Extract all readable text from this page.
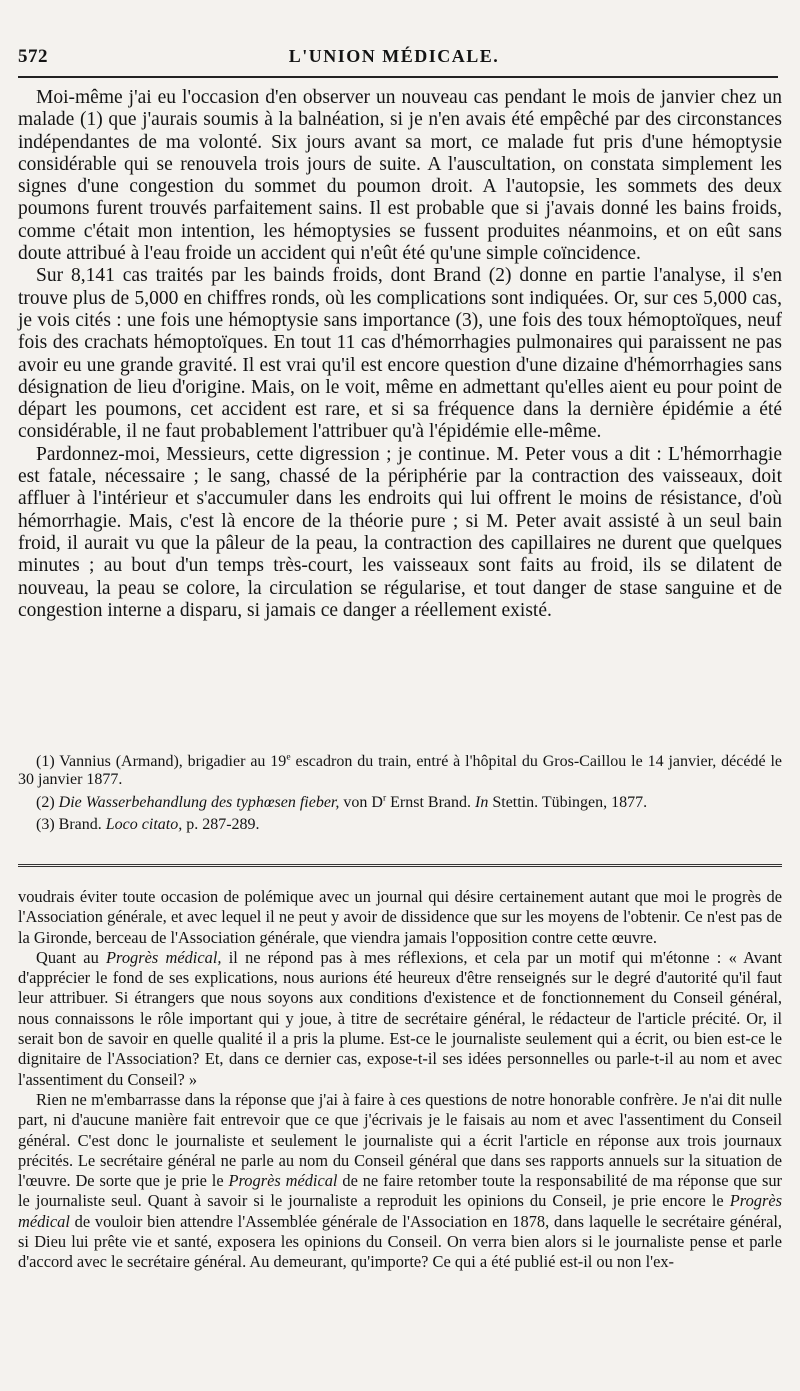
572	L'UNION MÉDICALE.

Moi-même j'ai eu l'occasion d'en observer un nouveau cas pendant le mois de janvier chez un malade (1) que j'aurais soumis à la balnéation, si je n'en avais été empêché par des circonstances indépendantes de ma volonté. Six jours avant sa mort, ce malade fut pris d'une hémoptysie considérable qui se renouvela trois jours de suite. A l'auscultation, on constata simplement les signes d'une congestion du sommet du poumon droit. A l'autopsie, les sommets des deux poumons furent trouvés parfaitement sains. Il est probable que si j'avais donné les bains froids, comme c'était mon intention, les hémoptysies se fussent produites néanmoins, et on eût sans doute attribué à l'eau froide un accident qui n'eût été qu'une simple coïncidence.

Sur 8,141 cas traités par les bainds froids, dont Brand (2) donne en partie l'analyse, il s'en trouve plus de 5,000 en chiffres ronds, où les complications sont indiquées. Or, sur ces 5,000 cas, je vois cités : une fois une hémoptysie sans importance (3), une fois des toux hémoptoïques, neuf fois des crachats hémoptoïques. En tout 11 cas d'hémorrhagies pulmonaires qui paraissent ne pas avoir eu une grande gravité. Il est vrai qu'il est encore question d'une dizaine d'hémorrhagies sans désignation de lieu d'origine. Mais, on le voit, même en admettant qu'elles aient eu pour point de départ les poumons, cet accident est rare, et si sa fréquence dans la dernière épidémie a été considérable, il ne faut probablement l'attribuer qu'à l'épidémie elle-même.

Pardonnez-moi, Messieurs, cette digression ; je continue. M. Peter vous a dit : L'hémorrhagie est fatale, nécessaire ; le sang, chassé de la périphérie par la contraction des vaisseaux, doit affluer à l'intérieur et s'accumuler dans les endroits qui lui offrent le moins de résistance, d'où hémorrhagie. Mais, c'est là encore de la théorie pure ; si M. Peter avait assisté à un seul bain froid, il aurait vu que la pâleur de la peau, la contraction des capillaires ne durent que quelques minutes ; au bout d'un temps très-court, les vaisseaux sont faits au froid, ils se dilatent de nouveau, la peau se colore, la circulation se régularise, et tout danger de stase sanguine et de congestion interne a disparu, si jamais ce danger a réellement existé.

(1) Vannius (Armand), brigadier au 19e escadron du train, entré à l'hôpital du Gros-Caillou le 14 janvier, décédé le 30 janvier 1877.

(2) Die Wasserbehandlung des typhœsen fieber, von $D^r$ Ernst Brand. In Stettin. Tübingen, 1877.

(3) Brand. Loco citato, p. 287-289.

voudrais éviter toute occasion de polémique avec un journal qui désire certainement autant que moi le progrès de l'Association générale, et avec lequel il ne peut y avoir de dissidence que sur les moyens de l'obtenir. Ce n'est pas de la Gironde, berceau de l'Association générale, que viendra jamais l'opposition contre cette œuvre.

Quant au Progrès médical, il ne répond pas à mes réflexions, et cela par un motif qui m'étonne : « Avant d'apprécier le fond de ses explications, nous aurions été heureux d'être renseignés sur le degré d'autorité qu'il faut leur attribuer. Si étrangers que nous soyons aux conditions d'existence et de fonctionnement du Conseil général, nous connaissons le rôle important qui y joue, à titre de secrétaire général, le rédacteur de l'article précité. Or, il serait bon de savoir en quelle qualité il a pris la plume. Est-ce le journaliste seulement qui a écrit, ou bien est-ce le dignitaire de l'Association? Et, dans ce dernier cas, expose-t-il ses idées personnelles ou parle-t-il au nom et avec l'assentiment du Conseil? »

Rien ne m'embarrasse dans la réponse que j'ai à faire à ces questions de notre honorable confrère. Je n'ai dit nulle part, ni d'aucune manière fait entrevoir que ce que j'écrivais je le faisais au nom et avec l'assentiment du Conseil général. C'est donc le journaliste et seulement le journaliste qui a écrit l'article en réponse aux trois journaux précités. Le secrétaire général ne parle au nom du Conseil général que dans ses rapports annuels sur la situation de l'œuvre. De sorte que je prie le Progrès médical de ne faire retomber toute la responsabilité de ma réponse que sur le journaliste seul. Quant à savoir si le journaliste a reproduit les opinions du Conseil, je prie encore le Progrès médical de vouloir bien attendre l'Assemblée générale de l'Association en 1878, dans laquelle le secrétaire général, si Dieu lui prête vie et santé, exposera les opinions du Conseil. On verra bien alors si le journaliste pense et parle d'accord avec le secrétaire général. Au demeurant, qu'importe? Ce qui a été publié est-il ou non l'ex-
